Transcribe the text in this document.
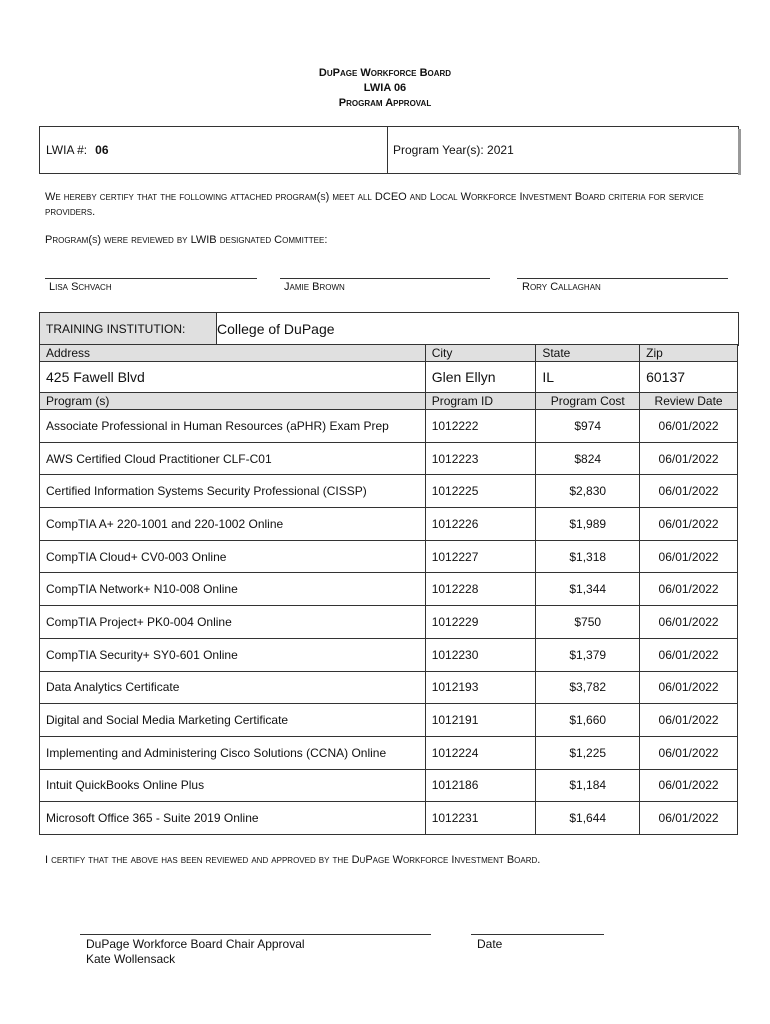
DuPage Workforce Board
LWIA 06
Program Approval
LWIA #: 06	Program Year(s): 2021
We hereby certify that the following attached program(s) meet all DCEO and Local Workforce Investment Board criteria for service providers.
Program(s) were reviewed by LWIB designated Committee:
Lisa Schvach	Jamie Brown	Rory Callaghan
TRAINING INSTITUTION:	College of DuPage
Address	City	State	Zip
425 Fawell Blvd	Glen Ellyn	IL	60137
Program (s)	Program ID	Program Cost	Review Date
Associate Professional in Human Resources (aPHR) Exam Prep	1012222	$974	06/01/2022
AWS Certified Cloud Practitioner CLF-C01	1012223	$824	06/01/2022
Certified Information Systems Security Professional (CISSP)	1012225	$2,830	06/01/2022
CompTIA A+ 220-1001 and 220-1002 Online	1012226	$1,989	06/01/2022
CompTIA Cloud+ CV0-003 Online	1012227	$1,318	06/01/2022
CompTIA Network+ N10-008 Online	1012228	$1,344	06/01/2022
CompTIA Project+ PK0-004 Online	1012229	$750	06/01/2022
CompTIA Security+ SY0-601 Online	1012230	$1,379	06/01/2022
Data Analytics Certificate	1012193	$3,782	06/01/2022
Digital and Social Media Marketing Certificate	1012191	$1,660	06/01/2022
Implementing and Administering Cisco Solutions (CCNA) Online	1012224	$1,225	06/01/2022
Intuit QuickBooks Online Plus	1012186	$1,184	06/01/2022
Microsoft Office 365 - Suite 2019 Online	1012231	$1,644	06/01/2022
I certify that the above has been reviewed and approved by the DuPage Workforce Investment Board.
DuPage Workforce Board Chair Approval
Kate Wollensack
Date
